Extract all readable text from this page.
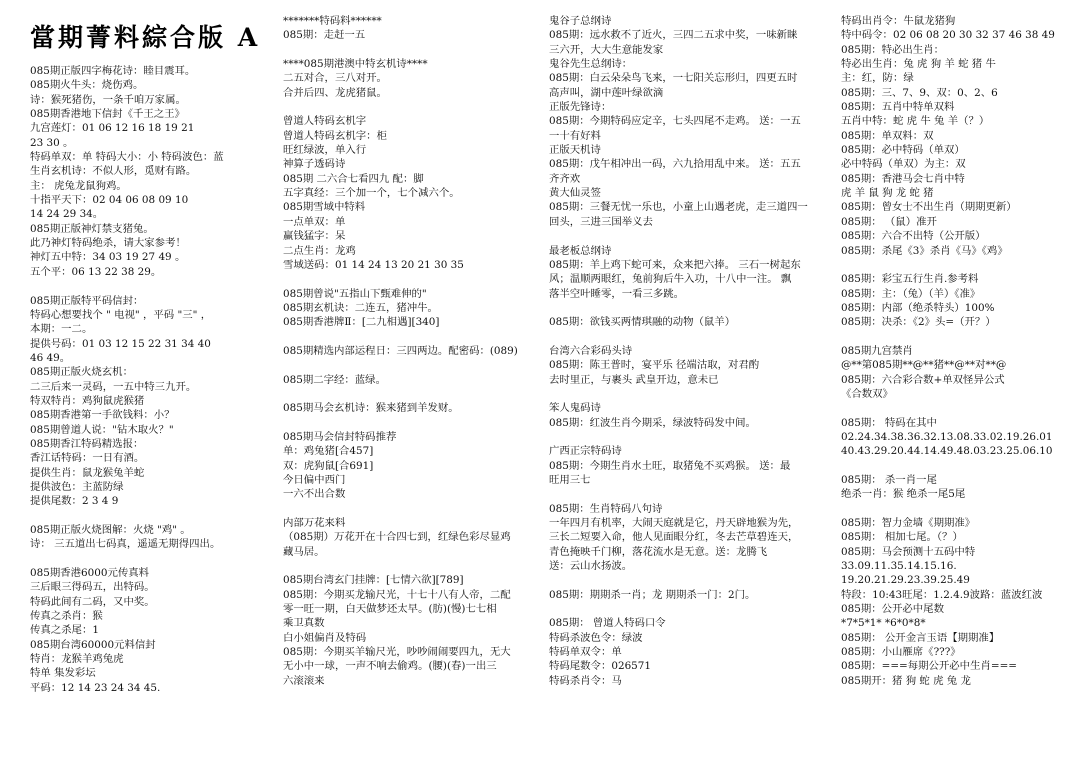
當期菁料綜合版 A
085期正版四字梅花诗：睦目震耳。
085期火牛头：烧伤鸡。
诗：猴死猪伤，一条千咱万家属。
085期香港地下信封《千王之王》
九宫莲灯：01 06 12 16 18 19 21
23 30 。
特码单双：单 特码大小：小 特码波色：蓝
生肖玄机诗：不似人形，觅财有路。
主： 虎兔龙鼠狗鸡。
十指平天下：02 04 06 08 09 10
14 24 29 34。
085期正版神灯禁支猪兔。
此乃神灯特码绝杀，请大家参考！
神灯五中特：34 03 19 27 49 。
五个平：06 13 22 38 29。
085期正版特平码信封：
特码心想要找个 " 电视" ，平码 "三" ，
本期：一二。
提供号码：01 03 12 15 22 31 34 40
46 49。
085期正版火烧玄机：
二三后来一灵码，一五中特三九开。
特双特肖：鸡狗鼠虎猴猪
085期香港第一手欲钱料：小？
085期曾道人说："钻木取火？"
085期香江特码精选报：
香江话特码：一日有酒。
提供生肖：鼠龙猴兔羊蛇
提供波色：主蓝防绿
提供尾数：2 3 4 9
085期正版火烧图解：火烧 "鸡" 。
诗： 三五道出七码真，遥遥无期得四出。
085期香港6000元传真料
三后眼三得码五，出特码。
特码此间有二码，又中奖。
传真之杀肖：猴
传真之杀尾：1
085期台湾60000元料信封
特肖：龙猴羊鸡兔虎
特单 集发彩坛
平码：12 14 23 24 34 45.
*******特码料******
085期：走赶一五
****085期港澳中特玄机诗****
二五对合，三八对开。
合并后四、龙虎猪鼠。
曾道人特码玄机字
曾道人特码玄机字：柜
旺红绿波，单入行
神算子透码诗
085期 二六合七看四九 配：脚
五字真经：三个加一个，七个减六个。
085期雪域中特料
一点单双：单
赢钱猛字：呆
二点生肖：龙鸡
雪域送码：01 14 24 13 20 21 30 35
085期曾说"五指山下甄难伸的"
085期玄机诀：二连五，猪冲牛。
085期香港牌Ⅱ：[二九相遇][340]
085期精选内部运程日：三四两边。配密码：(089)
085期二字经：蓝绿。
085期马会玄机诗：猴来猪到羊发财。
085期马会信封特码推荐
单：鸡兔猪[合457]
双：虎狗鼠[合691]
今日偏中西门
一六不出合数
内部万花来料
（085期）万花开在十合四七到，红绿色彩尽显鸡
藏马居。
085期台湾玄门挂牌：[七情六欲][789]
085期：今期买龙输尺光，十七十八有人帝，二配
零一旺一期，白天做梦还太早。(肪)(慢)七七相
乘卫真数
白小姐偏肖及特码
085期：今期买羊输尺光，吵吵闹闹要四九，无大
无小中一球，一声不响去偷鸡。(腰)(春)一出三
六滚滚来
鬼谷子总纲诗
085期：远水救不了近火，三四二五求中奖，一味新睐
三六开，大大生意能发家
鬼谷先生总纲诗：
085期：白云朵朵鸟飞来，一七阳关忘形归，四更五时
高声叫，湖中莲叶绿欲滴
正版先锋诗：
085期：今期特码应定辛，七头四尾不走鸡。 送：一五
一十有好料
正版天机诗
085期：戊午相冲出一码，六九拾用乱中来。 送：五五
齐齐欢
黄大仙灵签
085期：三餐无忧一乐也，小童上山遇老虎，走三道四一
回头，三进三国举义去
最老板总纲诗
085期：羊上鸡下蛇可来，众来把六捧。 三石一树起东
风；温顺两眼红，兔前狗后牛入功，十八中一注。 飘
落半空叶睡零，一看三多跳。
085期：欲钱买两情琪融的动物（鼠羊）
台湾六合彩码头诗
085期：陈王普时，宴平乐 径端沽取，对君酌
去时里正，与裹头 武皇开边，意未已
笨人鬼码诗
085期：红波生肖今期采，绿波特码发中间。
广西正宗特码诗
085期：今期生肖水土旺，取猪兔不买鸡猴。 送：最
旺用三七
085期：生肖特码八句诗
一年四月有机率，大闹天庭就是它，丹天辟地猴为先，
三长二短要入命，他人见面眼分红，冬去芒草碧连天，
青色掩映千门柳，落花流水是无意。送：龙腾飞
送：云山水扬波。
085期：期期杀一肖；龙 期期杀一门：2门。
085期： 曾道人特码口令
特码杀波色令：绿波
特码单双令：单
特码尾数令：026571
特码杀肖令：马
特码出肖令：牛鼠龙猪狗
特中码令：02 06 08 20 30 32 37 46 38 49
085期：特必出生肖：
特必出生肖：兔 虎 狗 羊 蛇 猪 牛
主：红，防：绿
085期：三、7、9、双：0、2、6
085期：五肖中特单双料
五肖中特：蛇 虎 牛 兔 羊（？）
085期：单双料：双
085期：必中特码（单双）
必中特码（单双）为主：双
085期：香港马会七肖中特
虎 羊 鼠 狗 龙 蛇 猪
085期：曾女士不出生肖（期期更新）
085期： （鼠）准开
085期：六合不出特（公开版）
085期：杀尾《3》杀肖《马》《鸡》
085期：彩宝五行生肖.参考料
085期：主：（兔）（羊）《准》
085期：内部（绝杀特头）100%
085期：决杀：《2》头=（开？）
085期九宫禁肖
@**第085期**@**猪**@**对**@
085期：六合彩合数+单双怪异公式
《合数双》
085期： 特码在其中
02.24.34.38.36.32.13.08.33.02.19.26.01
40.43.29.20.44.14.49.48.03.23.25.06.10
085期： 杀一肖一尾
绝杀一肖：猴 绝杀一尾5尾
085期：智力金墙《期期准》
085期： 相加七尾。（？）
085期：马会预测十五码中特
33.09.11.35.14.15.16.
19.20.21.29.23.39.25.49
特段：10:43旺尾：1.2.4.9波路：蓝波红波
085期：公开必中尾数
*7*5*1* *6*0*8*
085期： 公开金言玉语【期期准】
085期：小山雁席《???》
085期：===每期公开必中生肖===
085期开：猪 狗 蛇 虎 兔 龙
